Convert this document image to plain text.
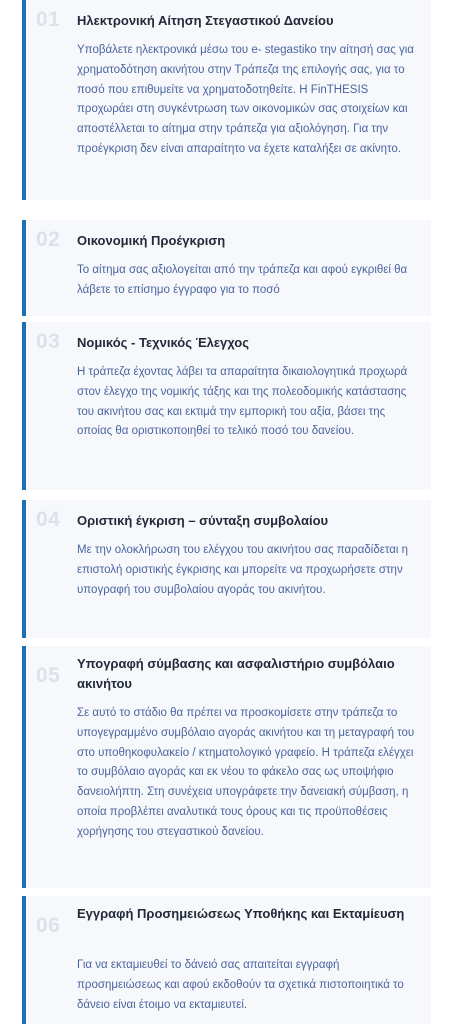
01 Ηλεκτρονική Αίτηση Στεγαστικού Δανείου
Υποβάλετε ηλεκτρονικά μέσω του e- stegastiko την αίτησή σας για χρηματοδότηση ακινήτου στην Τράπεζα της επιλογής σας, για το ποσό που επιθυμείτε να χρηματοδοτηθείτε. Η FinTHESIS προχωράει στη συγκέντρωση των οικονομικών σας στοιχείων και αποστέλλεται το αίτημα στην τράπεζα για αξιολόγηση. Για την προέγκριση δεν είναι απαραίτητο να έχετε καταλήξει σε ακίνητο.
02 Οικονομική Προέγκριση
Το αίτημα σας αξιολογείται από την τράπεζα και αφού εγκριθεί θα λάβετε το επίσημο έγγραφο για το ποσό
03 Νομικός - Τεχνικός Έλεγχος
Η τράπεζα έχοντας λάβει τα απαραίτητα δικαιολογητικά προχωρά στον έλεγχο της νομικής τάξης και της πολεοδομικής κατάστασης του ακινήτου σας και εκτιμά την εμπορική του αξία, βάσει της οποίας θα οριστικοποιηθεί το τελικό ποσό του δανείου.
04 Οριστική έγκριση – σύνταξη συμβολαίου
Με την ολοκλήρωση του ελέγχου του ακινήτου σας παραδίδεται η επιστολή οριστικής έγκρισης και μπορείτε να προχωρήσετε στην υπογραφή του συμβολαίου αγοράς του ακινήτου.
05
Υπογραφή σύμβασης και ασφαλιστήριο συμβόλαιο ακινήτου
Σε αυτό το στάδιο θα πρέπει να προσκομίσετε στην τράπεζα το υπογεγραμμένο συμβόλαιο αγοράς ακινήτου και τη μεταγραφή του στο υποθηκοφυλακείο / κτηματολογικό γραφείο. Η τράπεζα ελέγχει το συμβόλαιο αγοράς και εκ νέου το φάκελο σας ως υποψήφιο δανειολήπτη. Στη συνέχεια υπογράφετε την δανειακή σύμβαση, η οποία προβλέπει αναλυτικά τους όρους και τις προϋποθέσεις χορήγησης του στεγαστικού δανείου.
06
Εγγραφή Προσημειώσεως Υποθήκης και Εκταμίευση
Για να εκταμιευθεί το δάνειό σας απαιτείται εγγραφή προσημειώσεως και αφού εκδοθούν τα σχετικά πιστοποιητικά το δάνειο είναι έτοιμο να εκταμιευτεί.
